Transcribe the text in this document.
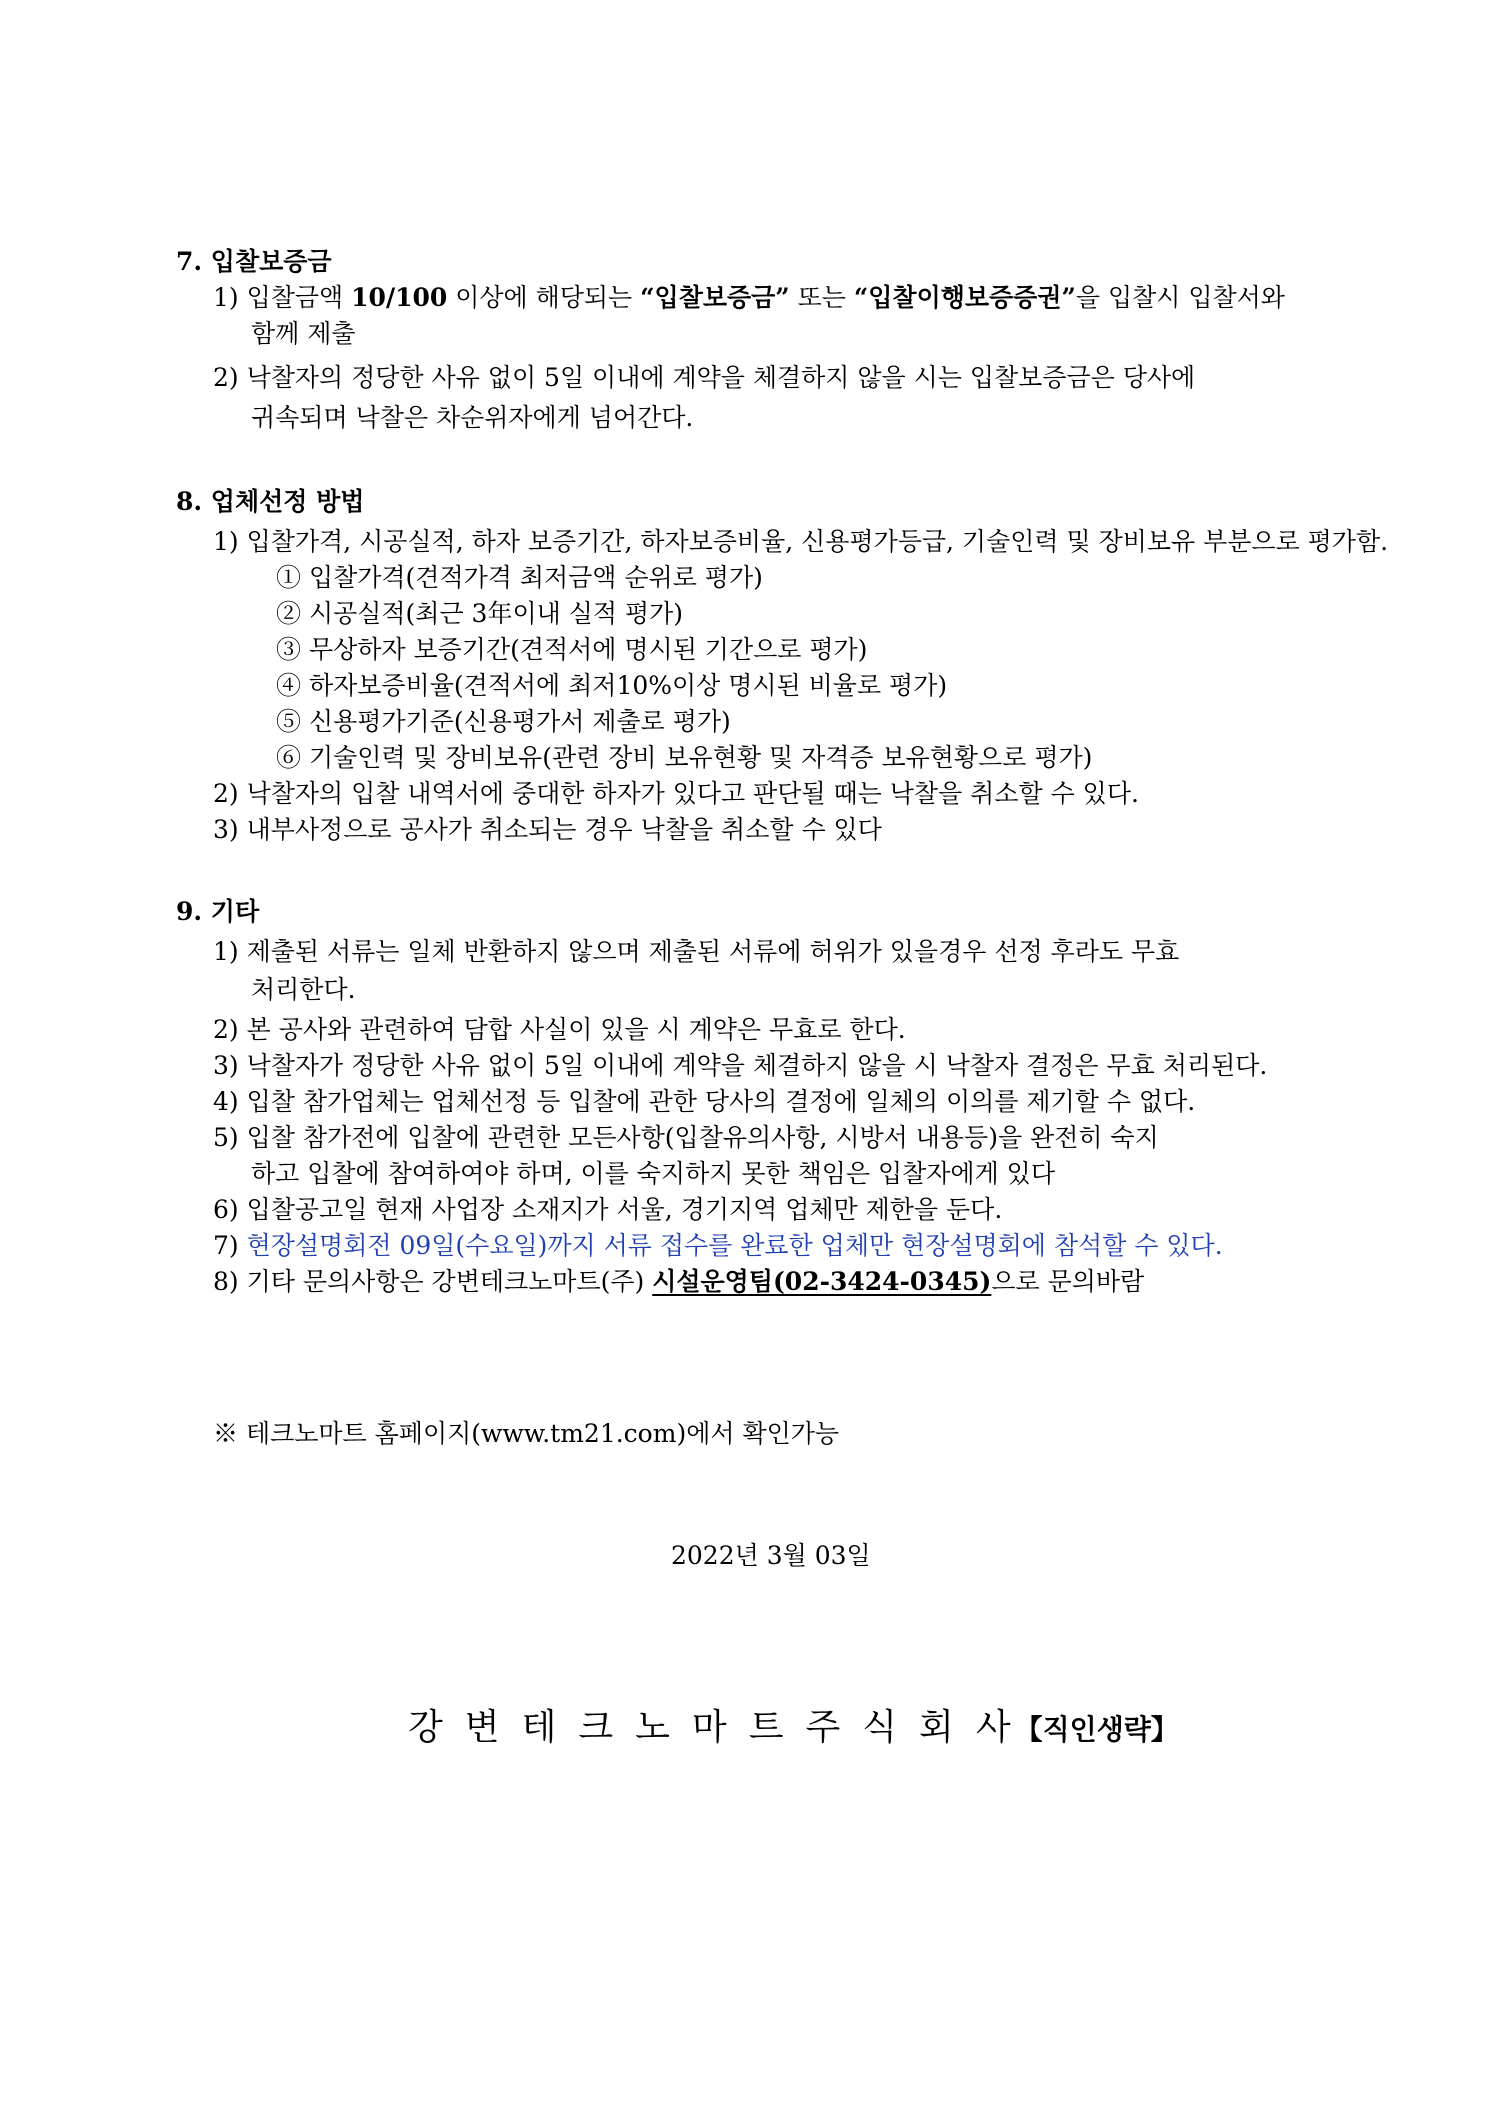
7. 입찰보증금
1) 입찰금액 10/100 이상에 해당되는 “입찰보증금” 또는 “입찰이행보증증권”을 입찰시 입찰서와
함께 제출
2) 낙찰자의 정당한 사유 없이 5일 이내에 계약을 체결하지 않을 시는 입찰보증금은 당사에
귀속되며 낙찰은 차순위자에게 넘어간다.
8. 업체선정 방법
1) 입찰가격, 시공실적, 하자 보증기간, 하자보증비율, 신용평가등급, 기술인력 및 장비보유 부분으로 평가함.
① 입찰가격(견적가격 최저금액 순위로 평가)
② 시공실적(최근 3年이내 실적 평가)
③ 무상하자 보증기간(견적서에 명시된 기간으로 평가)
④ 하자보증비율(견적서에 최저10%이상 명시된 비율로 평가)
⑤ 신용평가기준(신용평가서 제출로 평가)
⑥ 기술인력 및 장비보유(관련 장비 보유현황 및 자격증 보유현황으로 평가)
2) 낙찰자의 입찰 내역서에 중대한 하자가 있다고 판단될 때는 낙찰을 취소할 수 있다.
3) 내부사정으로 공사가 취소되는 경우 낙찰을 취소할 수 있다
9. 기타
1) 제출된 서류는 일체 반환하지 않으며 제출된 서류에 허위가 있을경우 선정 후라도 무효
처리한다.
2) 본 공사와 관련하여 담합 사실이 있을 시 계약은 무효로 한다.
3) 낙찰자가 정당한 사유 없이 5일 이내에 계약을 체결하지 않을 시 낙찰자 결정은 무효 처리된다.
4) 입찰 참가업체는 업체선정 등 입찰에 관한 당사의 결정에 일체의 이의를 제기할 수 없다.
5) 입찰 참가전에 입찰에 관련한 모든사항(입찰유의사항, 시방서 내용등)을 완전히 숙지
하고 입찰에 참여하여야 하며, 이를 숙지하지 못한 책임은 입찰자에게 있다
6) 입찰공고일 현재 사업장 소재지가 서울, 경기지역 업체만 제한을 둔다.
7) 현장설명회전 09일(수요일)까지 서류 접수를 완료한 업체만 현장설명회에 참석할 수 있다.
8) 기타 문의사항은 강변테크노마트(주) 시설운영팀(02-3424-0345)으로 문의바람
※ 테크노마트 홈페이지(www.tm21.com)에서 확인가능
2022년 3월 03일
강 변 테 크 노 마 트 주 식 회 사 【직인생략】
